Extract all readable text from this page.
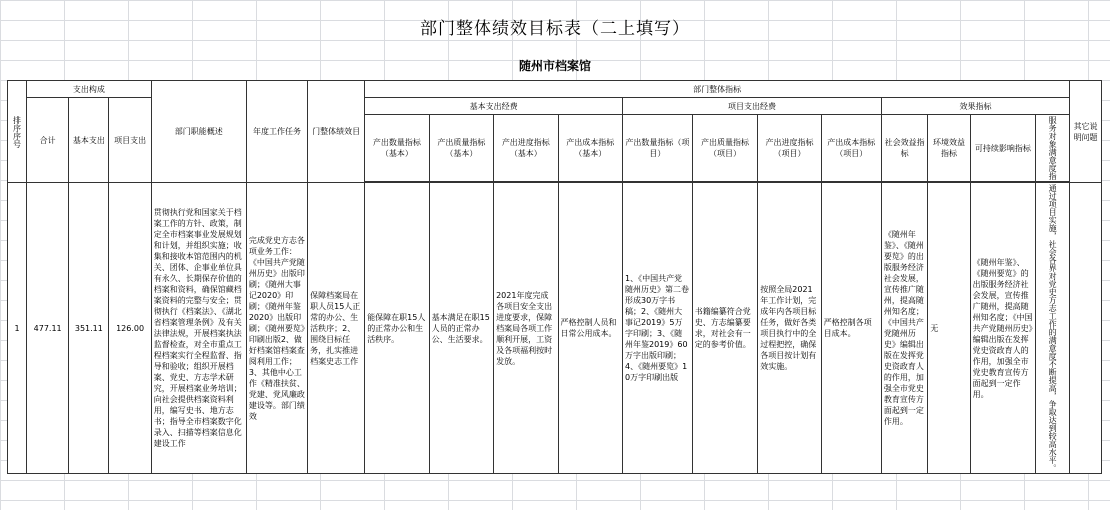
部门整体绩效目标表（二上填写）
随州市档案馆
排序序号	支出构成			部门职能概述	年度工作任务	门整体绩效目	部门整体指标												其它说明问题
	合计	基本支出	项目支出				基本支出经费				项目支出经费				效果指标				
							产出数量指标（基本）	产出质量指标（基本）	产出进度指标（基本）	产出成本指标（基本）	产出数量指标（项目）	产出质量指标（项目）	产出进度指标（项目）	产出成本指标（项目）	社会效益指标	环境效益指标	可持续影响指标	服务对象满意度指	

1	477.11	351.11	126.00	贯彻执行党和国家关于档案工作的方针、政策，制定全市档案事业发展规划和计划，并组织实施；收集和接收本馆范围内的机关、团体、企事业单位具有永久、长期保存价值的档案和资料，确保馆藏档案资料的完整与安全；贯彻执行《档案法》、《湖北省档案管理条例》及有关法律法规，开展档案执法监督检查，对全市重点工程档案实行全程监督、指导和验收；组织开展档案、党史、方志学术研究，开展档案业务培训；向社会提供档案资料利用，编写史书、地方志书；指导全市档案数字化录入、扫描等档案信息化建设工作	完成党史方志各项业务工作：《中国共产党随州历史》出版印刷；《随州大事记2020》印刷；《随州年鉴2020》出版印刷；《随州要览》印刷出版2、做好档案馆档案查阅利用工作；3、其他中心工作《精准扶贫、党建、党风廉政建设等。部门绩效	保障档案局在职人员15人正常的办公、生活秩序；2、围绕目标任务，扎实推进档案史志工作	能保障在职15人的正常办公和生活秩序。	基本满足在职15人员的正常办公、生活要求。	2021年度完成各项目安全支出进度要求，保障档案局各项工作顺利开展，工资及各项福利按时发放。	严格控制人员和日常公用成本。	1、《中国共产党随州历史》第二卷形成30万字书稿；2、《随州大事记2019》5万字印刷；3、《随州年鉴2019》60万字出版印刷；4、《随州要览》10万字印刷出版	书籍编纂符合党史、方志编纂要求，对社会有一定的参考价值。	按照全局2021年工作计划，完成年内各项目标任务，做好各类项目执行中的全过程把控，确保各项目按计划有效实施。	严格控制各项目成本。	《随州年鉴》、《随州要览》的出版服务经济社会发展，宣传推广随州，提高随州知名度；《中国共产党随州历史》编辑出版在发挥党史资政育人的作用，加强全市党史教育宣传方面起到一定作用。	无	《随州年鉴》、《随州要览》的出版服务经济社会发展，宣传推广随州，提高随州知名度；《中国共产党随州历史》编辑出版在发挥党史资政育人的作用，加强全市党史教育宣传方面起到一定作用。	通过项目实施，社会各界对党史方志工作的满意度不断提高，争取达到较高水平。	
